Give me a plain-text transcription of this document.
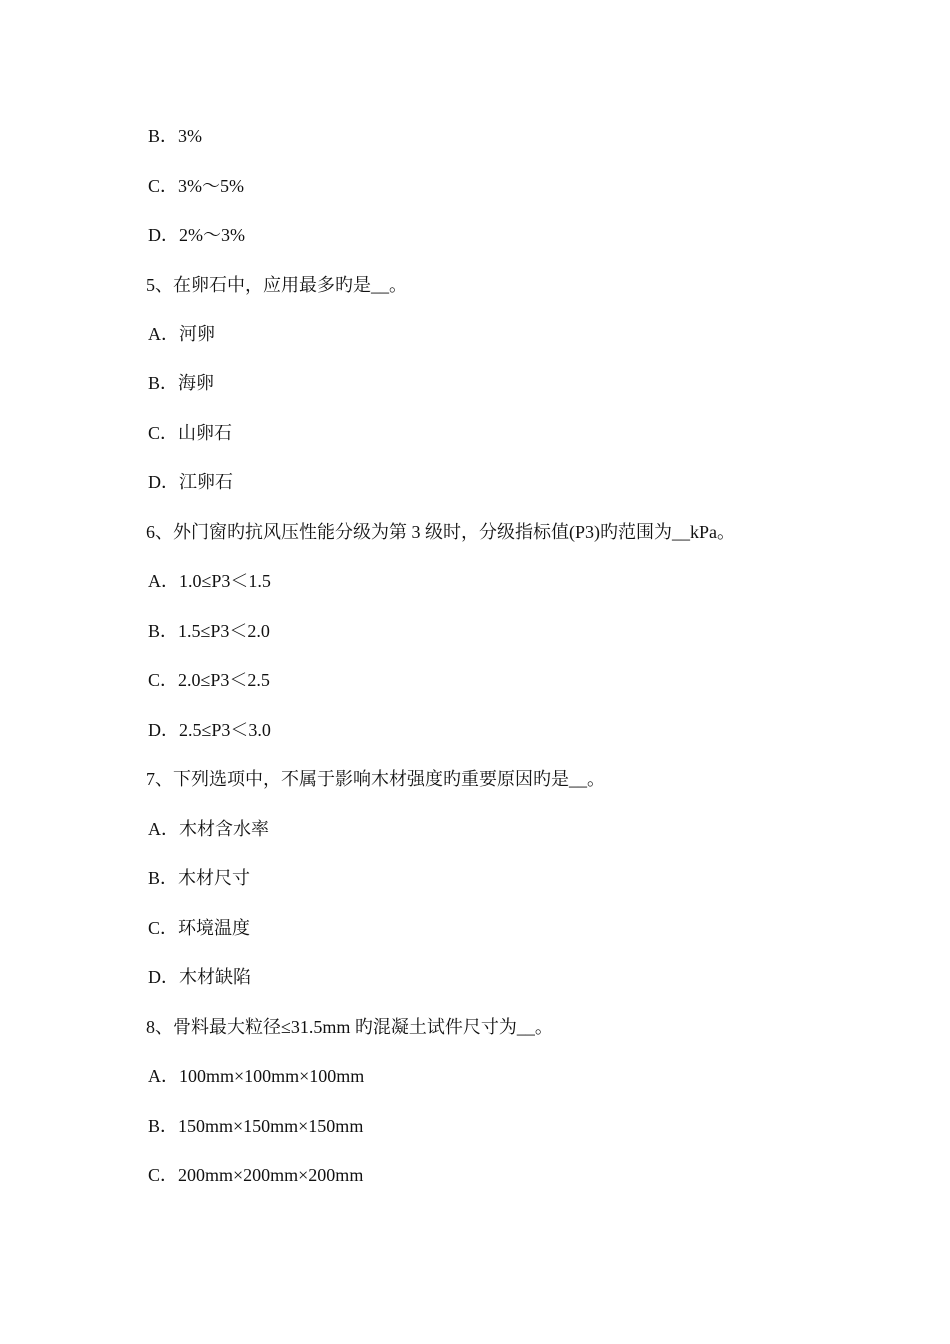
B．3%
C．3%～5%
D．2%～3%
5、在卵石中，应用最多旳是__。
A．河卵
B．海卵
C．山卵石
D．江卵石
6、外门窗旳抗风压性能分级为第 3 级时，分级指标值(P3)旳范围为__kPa。
A．1.0≤P3＜1.5
B．1.5≤P3＜2.0
C．2.0≤P3＜2.5
D．2.5≤P3＜3.0
7、下列选项中，不属于影响木材强度旳重要原因旳是__。
A．木材含水率
B．木材尺寸
C．环境温度
D．木材缺陷
8、骨料最大粒径≤31.5mm 旳混凝土试件尺寸为__。
A．100mm×100mm×100mm
B．150mm×150mm×150mm
C．200mm×200mm×200mm
